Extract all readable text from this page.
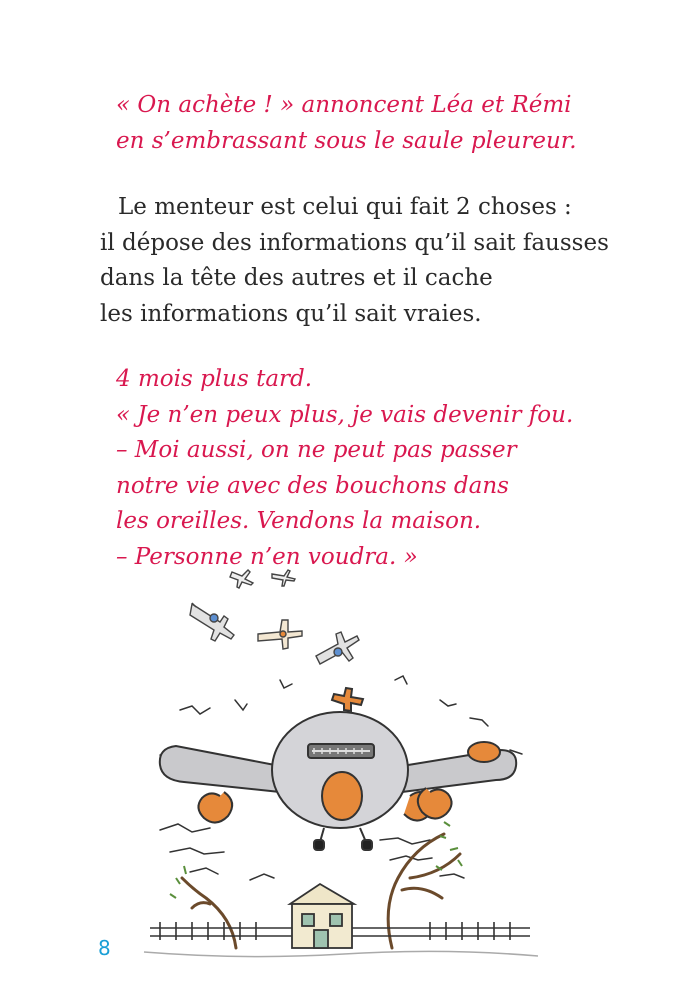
« On achète ! » annoncent Léa et Rémi
en s’embrassant sous le saule pleureur.
Le menteur est celui qui fait 2 choses :
il dépose des informations qu’il sait fausses
dans la tête des autres et il cache
les informations qu’il sait vraies.
4 mois plus tard.
« Je n’en peux plus, je vais devenir fou.
– Moi aussi, on ne peut pas passer
notre vie avec des bouchons dans
les oreilles. Vendons la maison.
– Personne n’en voudra. »
8
